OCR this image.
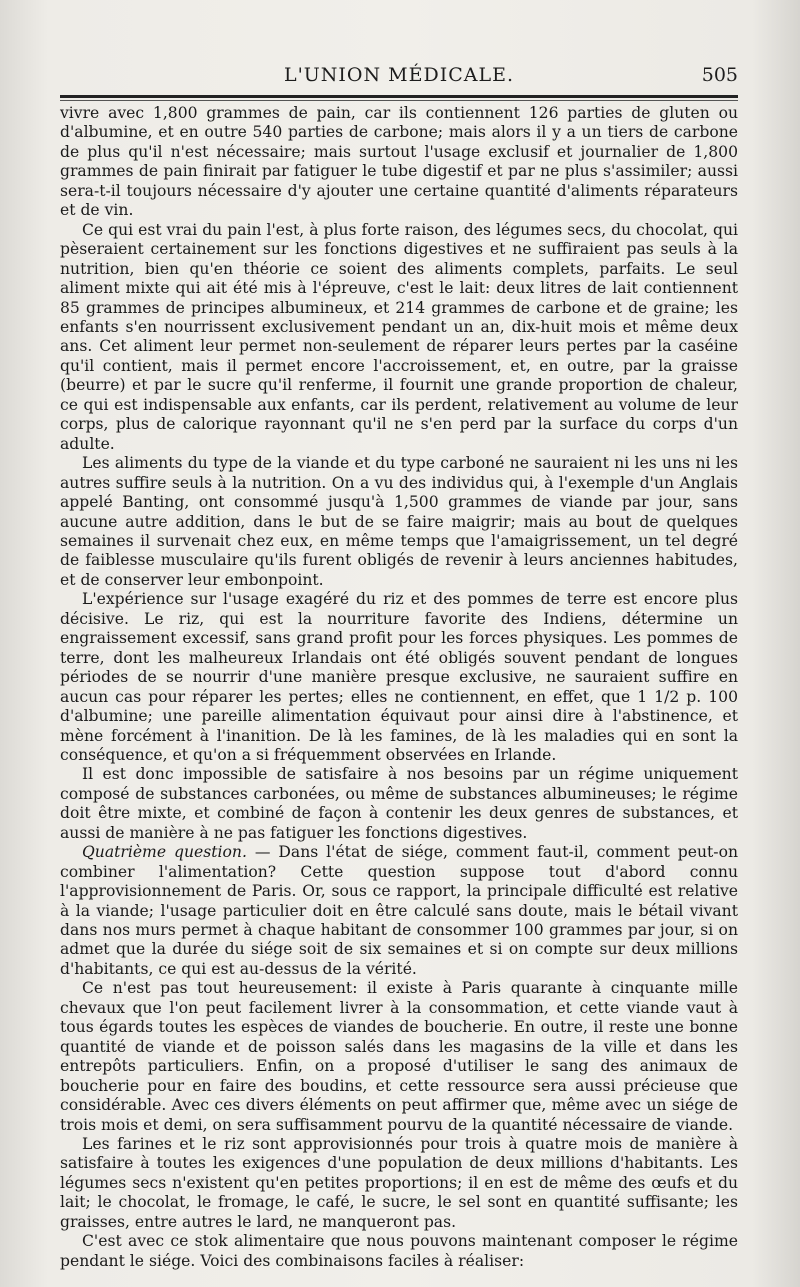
L'UNION MÉDICALE.	505

vivre avec 1,800 grammes de pain, car ils contiennent 126 parties de gluten ou d'albumine, et en outre 540 parties de carbone; mais alors il y a un tiers de carbone de plus qu'il n'est nécessaire; mais surtout l'usage exclusif et journalier de 1,800 grammes de pain finirait par fatiguer le tube digestif et par ne plus s'assimiler; aussi sera-t-il toujours nécessaire d'y ajouter une certaine quantité d'aliments réparateurs et de vin.

Ce qui est vrai du pain l'est, à plus forte raison, des légumes secs, du chocolat, qui pèseraient certainement sur les fonctions digestives et ne suffiraient pas seuls à la nutrition, bien qu'en théorie ce soient des aliments complets, parfaits. Le seul aliment mixte qui ait été mis à l'épreuve, c'est le lait: deux litres de lait contiennent 85 grammes de principes albumineux, et 214 grammes de carbone et de graine; les enfants s'en nourrissent exclusivement pendant un an, dix-huit mois et même deux ans. Cet aliment leur permet non-seulement de réparer leurs pertes par la caséine qu'il contient, mais il permet encore l'accroissement, et, en outre, par la graisse (beurre) et par le sucre qu'il renferme, il fournit une grande proportion de chaleur, ce qui est indispensable aux enfants, car ils perdent, relativement au volume de leur corps, plus de calorique rayonnant qu'il ne s'en perd par la surface du corps d'un adulte.

Les aliments du type de la viande et du type carboné ne sauraient ni les uns ni les autres suffire seuls à la nutrition. On a vu des individus qui, à l'exemple d'un Anglais appelé Banting, ont consommé jusqu'à 1,500 grammes de viande par jour, sans aucune autre addition, dans le but de se faire maigrir; mais au bout de quelques semaines il survenait chez eux, en même temps que l'amaigrissement, un tel degré de faiblesse musculaire qu'ils furent obligés de revenir à leurs anciennes habitudes, et de conserver leur embonpoint.

L'expérience sur l'usage exagéré du riz et des pommes de terre est encore plus décisive. Le riz, qui est la nourriture favorite des Indiens, détermine un engraissement excessif, sans grand profit pour les forces physiques. Les pommes de terre, dont les malheureux Irlandais ont été obligés souvent pendant de longues périodes de se nourrir d'une manière presque exclusive, ne sauraient suffire en aucun cas pour réparer les pertes; elles ne contiennent, en effet, que 1 1/2 p. 100 d'albumine; une pareille alimentation équivaut pour ainsi dire à l'abstinence, et mène forcément à l'inanition. De là les famines, de là les maladies qui en sont la conséquence, et qu'on a si fréquemment observées en Irlande.

Il est donc impossible de satisfaire à nos besoins par un régime uniquement composé de substances carbonées, ou même de substances albumineuses; le régime doit être mixte, et combiné de façon à contenir les deux genres de substances, et aussi de manière à ne pas fatiguer les fonctions digestives.

Quatrième question. — Dans l'état de siége, comment faut-il, comment peut-on combiner l'alimentation? Cette question suppose tout d'abord connu l'approvisionnement de Paris. Or, sous ce rapport, la principale difficulté est relative à la viande; l'usage particulier doit en être calculé sans doute, mais le bétail vivant dans nos murs permet à chaque habitant de consommer 100 grammes par jour, si on admet que la durée du siége soit de six semaines et si on compte sur deux millions d'habitants, ce qui est au-dessus de la vérité.

Ce n'est pas tout heureusement: il existe à Paris quarante à cinquante mille chevaux que l'on peut facilement livrer à la consommation, et cette viande vaut à tous égards toutes les espèces de viandes de boucherie. En outre, il reste une bonne quantité de viande et de poisson salés dans les magasins de la ville et dans les entrepôts particuliers. Enfin, on a proposé d'utiliser le sang des animaux de boucherie pour en faire des boudins, et cette ressource sera aussi précieuse que considérable. Avec ces divers éléments on peut affirmer que, même avec un siége de trois mois et demi, on sera suffisamment pourvu de la quantité nécessaire de viande.

Les farines et le riz sont approvisionnés pour trois à quatre mois de manière à satisfaire à toutes les exigences d'une population de deux millions d'habitants. Les légumes secs n'existent qu'en petites proportions; il en est de même des œufs et du lait; le chocolat, le fromage, le café, le sucre, le sel sont en quantité suffisante; les graisses, entre autres le lard, ne manqueront pas.

C'est avec ce stok alimentaire que nous pouvons maintenant composer le régime pendant le siége. Voici des combinaisons faciles à réaliser:
